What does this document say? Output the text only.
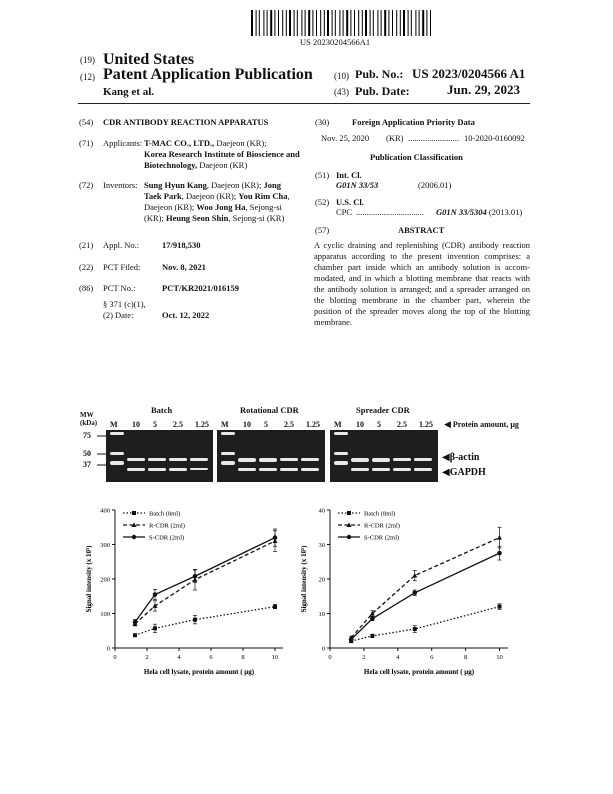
US 20230204566A1
(19) United States
(12) Patent Application Publication
Kang et al.
(10) Pub. No.: US 2023/0204566 A1
(43) Pub. Date:	Jun. 29, 2023
(54) CDR ANTIBODY REACTION APPARATUS
(71) Applicants: T-MAC CO., LTD., Daejeon (KR);
Korea Research Institute of Bioscience and Biotechnology, Daejeon (KR)
(72) Inventors: Sung Hyun Kang, Daejeon (KR); Jong Taek Park, Daejeon (KR); You Rim Cha, Daejeon (KR); Woo Jong Ha, Sejong-si (KR); Heung Seon Shin, Sejong-si (KR)
(21) Appl. No.:	17/918,530
(22) PCT Filed:	Nov. 8, 2021
(86) PCT No.:	PCT/KR2021/016159
§ 371 (c)(1),
(2) Date:	Oct. 12, 2022
(30)	Foreign Application Priority Data
Nov. 25, 2020 (KR) ........................ 10-2020-0160092
Publication Classification
(51) Int. Cl.
G01N 33/53	(2006.01)
(52) U.S. Cl.
CPC ................................ G01N 33/5304 (2013.01)
(57)	ABSTRACT
A cyclic draining and replenishing (CDR) antibody reaction apparatus according to the present invention comprises: a chamber part inside which an antibody solution is accom-modated, and in which a blotting membrane that reacts with the antibody solution is arranged; and a spreader arranged on the blotting membrane in the chamber part, wherein the position of the spreader moves along the top of the blotting membrane.
Batch	Rotational CDR	Spreader CDR
MW
(kDa)
75
50
37
M 10 5 2.5 1.25 M 10 5 2.5 1.25 M 10 5 2.5 1.25 ◀ Protein amount, μg
◀β-actin
◀GAPDH
0
100
200
300
400
0	2	4	6	8	10
Hela cell lysate, protein amount ( μg)
Signal intensity (x 10⁵)
Batch (8ml)
R-CDR (2ml)
S-CDR (2ml)
0
10
20
30
40
0	2	4	6	8	10
Hela cell lysate, protein amount ( μg)
Signal intensity (x 10⁵)
Batch (8ml)
R-CDR (2ml)
S-CDR (2ml)
